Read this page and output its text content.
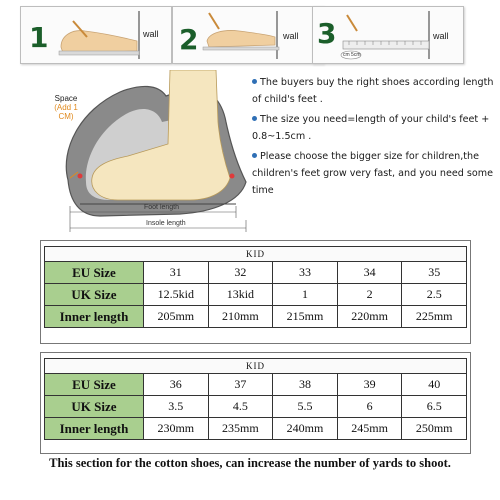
1	wall 2	wall 3	wall
cm 5cm
Space
(Add 1 CM)
Foot length
Insole length
The buyers buy the right shoes according length of child's feet .
The size you need=length of your child's feet + 0.8~1.5cm .
Please choose the bigger size for children,the children's feet grow very fast, and you need some time
KID					
EU Size	31	32	33	34	35
UK Size	12.5kid	13kid	1	2	2.5
Inner length	205mm	210mm	215mm	220mm	225mm
KID					
EU Size	36	37	38	39	40
UK Size	3.5	4.5	5.5	6	6.5
Inner length	230mm	235mm	240mm	245mm	250mm
This section for the cotton shoes, can increase the number of yards to shoot.
